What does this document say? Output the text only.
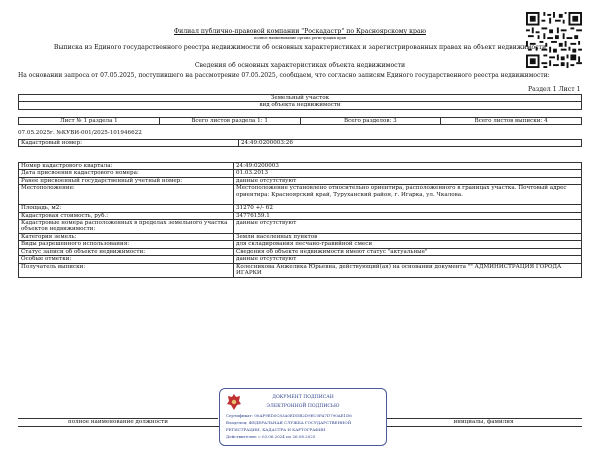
Филиал публично-правовой компании "Роскадастр" по Красноярскому краю
полное наименование органа регистрации прав
Выписка из Единого государственного реестра недвижимости об основных характеристиках и зарегистрированных правах на объект недвижимости
Сведения об основных характеристиках объекта недвижимости
На основании запроса от 07.05.2025, поступившего на рассмотрение 07.05.2025, сообщаем, что согласно записям Единого государственного реестра недвижимости:
Раздел 1 Лист 1
Земельный участок
вид объекта недвижимости
Лист № 1 раздела 1	Всего листов раздела 1: 1	Всего разделов: 3	Всего листов выписки: 4
07.05.2025г. №КУВИ-001/2025-101946622
Кадастровый номер:	24:49:0200003:26
Номер кадастрового квартала:	24:49:0200003
Дата присвоения кадастрового номера:	01.03.2013
Ранее присвоенный государственный учетный номер:	данные отсутствуют
Местоположение:	Местоположение установлено относительно ориентира, расположенного в границах участка. Почтовый адрес ориентира: Красноярский край, Туруханский район, г. Игарка, ул. Чкалова.
Площадь, м2:	31270 +/- 62
Кадастровая стоимость, руб.:	34776159.1
Кадастровые номера расположенных в пределах земельного участка объектов недвижимости:	данные отсутствуют
Категория земель:	Земли населенных пунктов
Виды разрешенного использования:	для складирования песчано-гравийной смеси
Статус записи об объекте недвижимости:	Сведения об объекте недвижимости имеют статус "актуальные"
Особые отметки:	данные отсутствуют
Получатель выписки:	Колесникова Анжелика Юрьевна, действующий(ая) на основании документа "" АДМИНИСТРАЦИЯ ГОРОДА ИГАРКИ
полное наименование должности	инициалы, фамилия
ДОКУМЕНТ ПОДПИСАН
ЭЛЕКТРОННОЙ ПОДПИСЬЮ
Сертификат: 00AF9ED5C83A0EDDB2D9EC0FA7D790AE1D6
Владелец: ФЕДЕРАЛЬНАЯ СЛУЖБА ГОСУДАРСТВЕННОЙ
РЕГИСТРАЦИИ, КАДАСТРА И КАРТОГРАФИИ
Действителен: с 03.06.2024 по 26.08.2025
